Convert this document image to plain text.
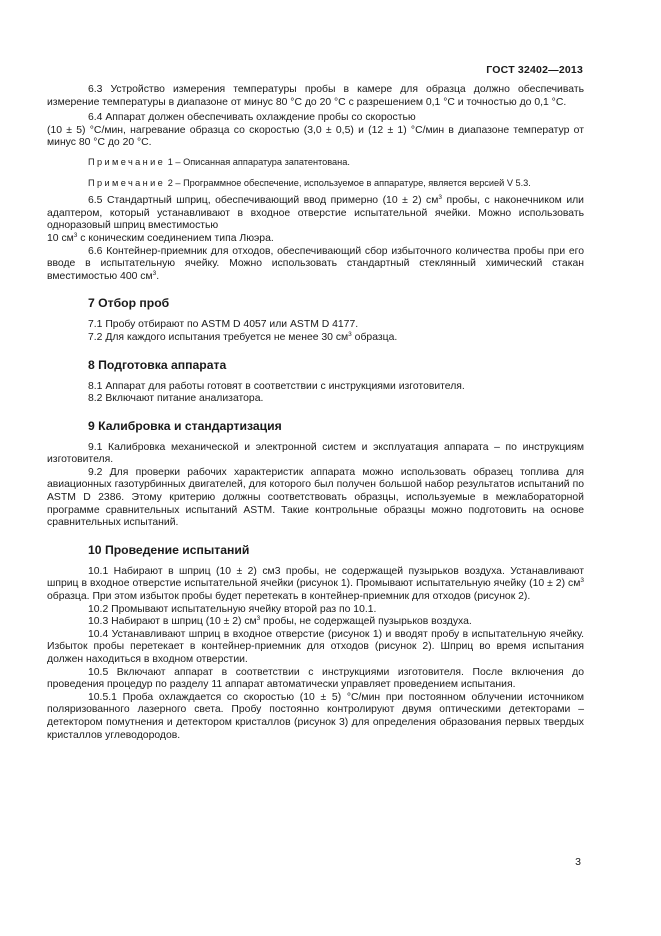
ГОСТ 32402—2013

6.3 Устройство измерения температуры пробы в камере для образца должно обеспечивать измерение температуры в диапазоне от минус 80 °С до 20 °С с разрешением 0,1 °С и точностью до 0,1 °С.

6.4 Аппарат должен обеспечивать охлаждение пробы со скоростью

(10 ± 5) °С/мин, нагревание образца со скоростью (3,0 ± 0,5) и (12 ± 1) °С/мин в диапазоне температур от минус 80 °С до 20 °С.

Примечание 1 – Описанная аппаратура запатентована.

Примечание 2 – Программное обеспечение, используемое в аппаратуре, является версией V 5.3.

6.5 Стандартный шприц, обеспечивающий ввод примерно (10 ± 2) $см^3$ пробы, с наконечником или адаптером, который устанавливают в входное отверстие испытательной ячейки. Можно использовать одноразовый шприц вместимостью

10 $см^3$ с коническим соединением типа Люэра.

6.6 Контейнер-приемник для отходов, обеспечивающий сбор избыточного количества пробы при его вводе в испытательную ячейку. Можно использовать стандартный стеклянный химический стакан вместимостью 400 $см^3$.

7 Отбор проб

7.1 Пробу отбирают по ASTM D 4057 или ASTM D 4177.

7.2 Для каждого испытания требуется не менее 30 $см^3$ образца.

8 Подготовка аппарата

8.1 Аппарат для работы готовят в соответствии с инструкциями изготовителя.

8.2 Включают питание анализатора.

9 Калибровка и стандартизация

9.1 Калибровка механической и электронной систем и эксплуатация аппарата – по инструкциям изготовителя.

9.2 Для проверки рабочих характеристик аппарата можно использовать образец топлива для авиационных газотурбинных двигателей, для которого был получен большой набор результатов испытаний по ASTM D 2386. Этому критерию должны соответствовать образцы, используемые в межлабораторной программе сравнительных испытаний ASTM. Такие контрольные образцы можно подготовить на основе сравнительных испытаний.

10 Проведение испытаний

10.1 Набирают в шприц (10 ± 2) см3 пробы, не содержащей пузырьков воздуха. Устанавливают шприц в входное отверстие испытательной ячейки (рисунок 1). Промывают испытательную ячейку (10 ± 2) $см^3$ образца. При этом избыток пробы будет перетекать в контейнер-приемник для отходов (рисунок 2).

10.2 Промывают испытательную ячейку второй раз по 10.1.

10.3 Набирают в шприц (10 ± 2) $см^3$ пробы, не содержащей пузырьков воздуха.

10.4 Устанавливают шприц в входное отверстие (рисунок 1) и вводят пробу в испытательную ячейку. Избыток пробы перетекает в контейнер-приемник для отходов (рисунок 2). Шприц во время испытания должен находиться в входном отверстии.

10.5 Включают аппарат в соответствии с инструкциями изготовителя. После включения до проведения процедур по разделу 11 аппарат автоматически управляет проведением испытания.

10.5.1 Проба охлаждается со скоростью (10 ± 5) °С/мин при постоянном облучении источником поляризованного лазерного света. Пробу постоянно контролируют двумя оптическими детекторами – детектором помутнения и детектором кристаллов (рисунок 3) для определения образования первых твердых кристаллов углеводородов.

3
